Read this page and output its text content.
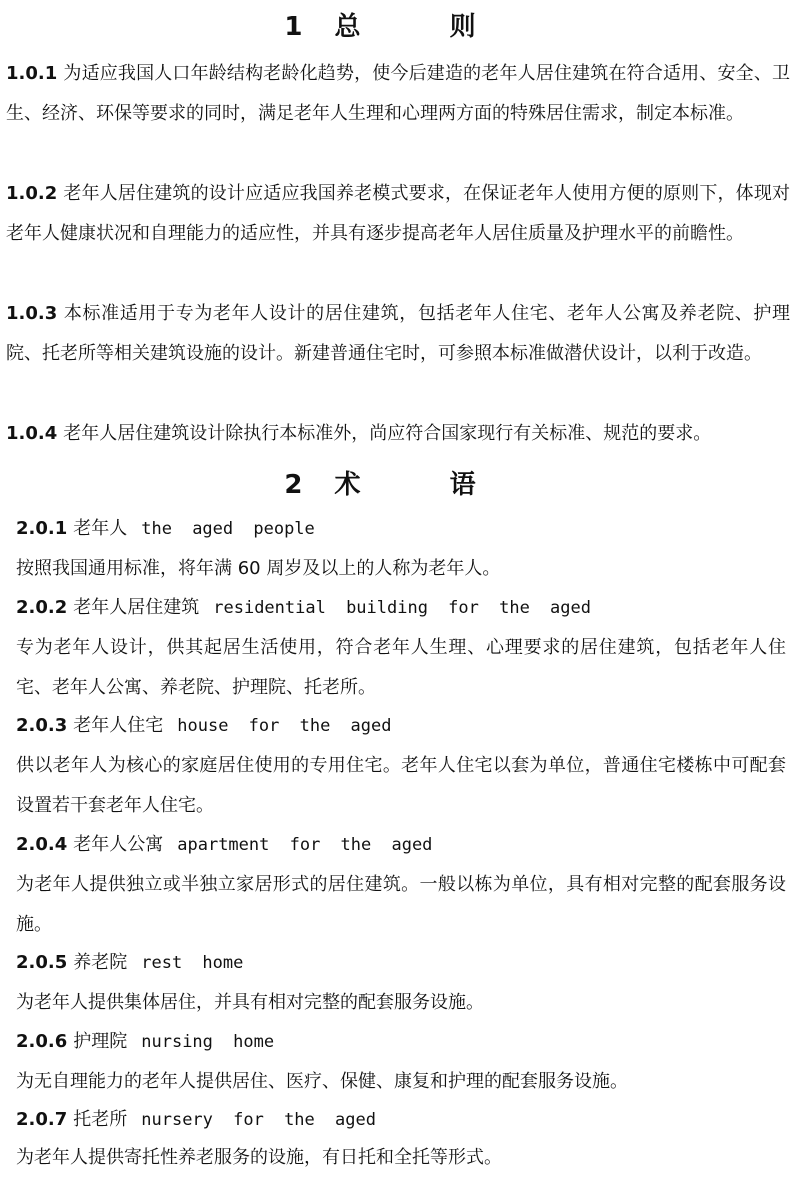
1 总 则
1.0.1 为适应我国人口年龄结构老龄化趋势，使今后建造的老年人居住建筑在符合适用、安全、卫生、经济、环保等要求的同时，满足老年人生理和心理两方面的特殊居住需求，制定本标准。
1.0.2 老年人居住建筑的设计应适应我国养老模式要求，在保证老年人使用方便的原则下，体现对老年人健康状况和自理能力的适应性，并具有逐步提高老年人居住质量及护理水平的前瞻性。
1.0.3 本标准适用于专为老年人设计的居住建筑，包括老年人住宅、老年人公寓及养老院、护理院、托老所等相关建筑设施的设计。新建普通住宅时，可参照本标准做潜伏设计，以利于改造。
1.0.4 老年人居住建筑设计除执行本标准外，尚应符合国家现行有关标准、规范的要求。
2 术 语
2.0.1 老年人 the aged people
按照我国通用标准，将年满 60 周岁及以上的人称为老年人。
2.0.2 老年人居住建筑 residential building for the aged
专为老年人设计，供其起居生活使用，符合老年人生理、心理要求的居住建筑，包括老年人住宅、老年人公寓、养老院、护理院、托老所。
2.0.3 老年人住宅 house for the aged
供以老年人为核心的家庭居住使用的专用住宅。老年人住宅以套为单位，普通住宅楼栋中可配套设置若干套老年人住宅。
2.0.4 老年人公寓 apartment for the aged
为老年人提供独立或半独立家居形式的居住建筑。一般以栋为单位，具有相对完整的配套服务设施。
2.0.5 养老院 rest home
为老年人提供集体居住，并具有相对完整的配套服务设施。
2.0.6 护理院 nursing home
为无自理能力的老年人提供居住、医疗、保健、康复和护理的配套服务设施。
2.0.7 托老所 nursery for the aged
为老年人提供寄托性养老服务的设施，有日托和全托等形式。
